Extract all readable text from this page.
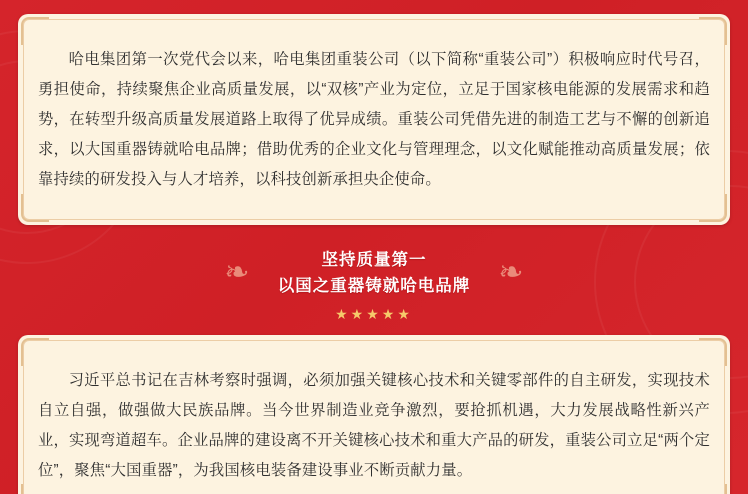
哈电集团第一次党代会以来，哈电集团重装公司（以下简称“重装公司”）积极响应时代号召，勇担使命，持续聚焦企业高质量发展，以“双核”产业为定位，立足于国家核电能源的发展需求和趋势，在转型升级高质量发展道路上取得了优异成绩。重装公司凭借先进的制造工艺与不懈的创新追求，以大国重器铸就哈电品牌；借助优秀的企业文化与管理理念，以文化赋能推动高质量发展；依靠持续的研发投入与人才培养，以科技创新承担央企使命。

❧	❧
坚持质量第一
以国之重器铸就哈电品牌
★★★★★

习近平总书记在吉林考察时强调，必须加强关键核心技术和关键零部件的自主研发，实现技术自立自强，做强做大民族品牌。当今世界制造业竞争激烈，要抢抓机遇，大力发展战略性新兴产业，实现弯道超车。企业品牌的建设离不开关键核心技术和重大产品的研发，重装公司立足“两个定位”，聚焦“大国重器”，为我国核电装备建设事业不断贡献力量。
